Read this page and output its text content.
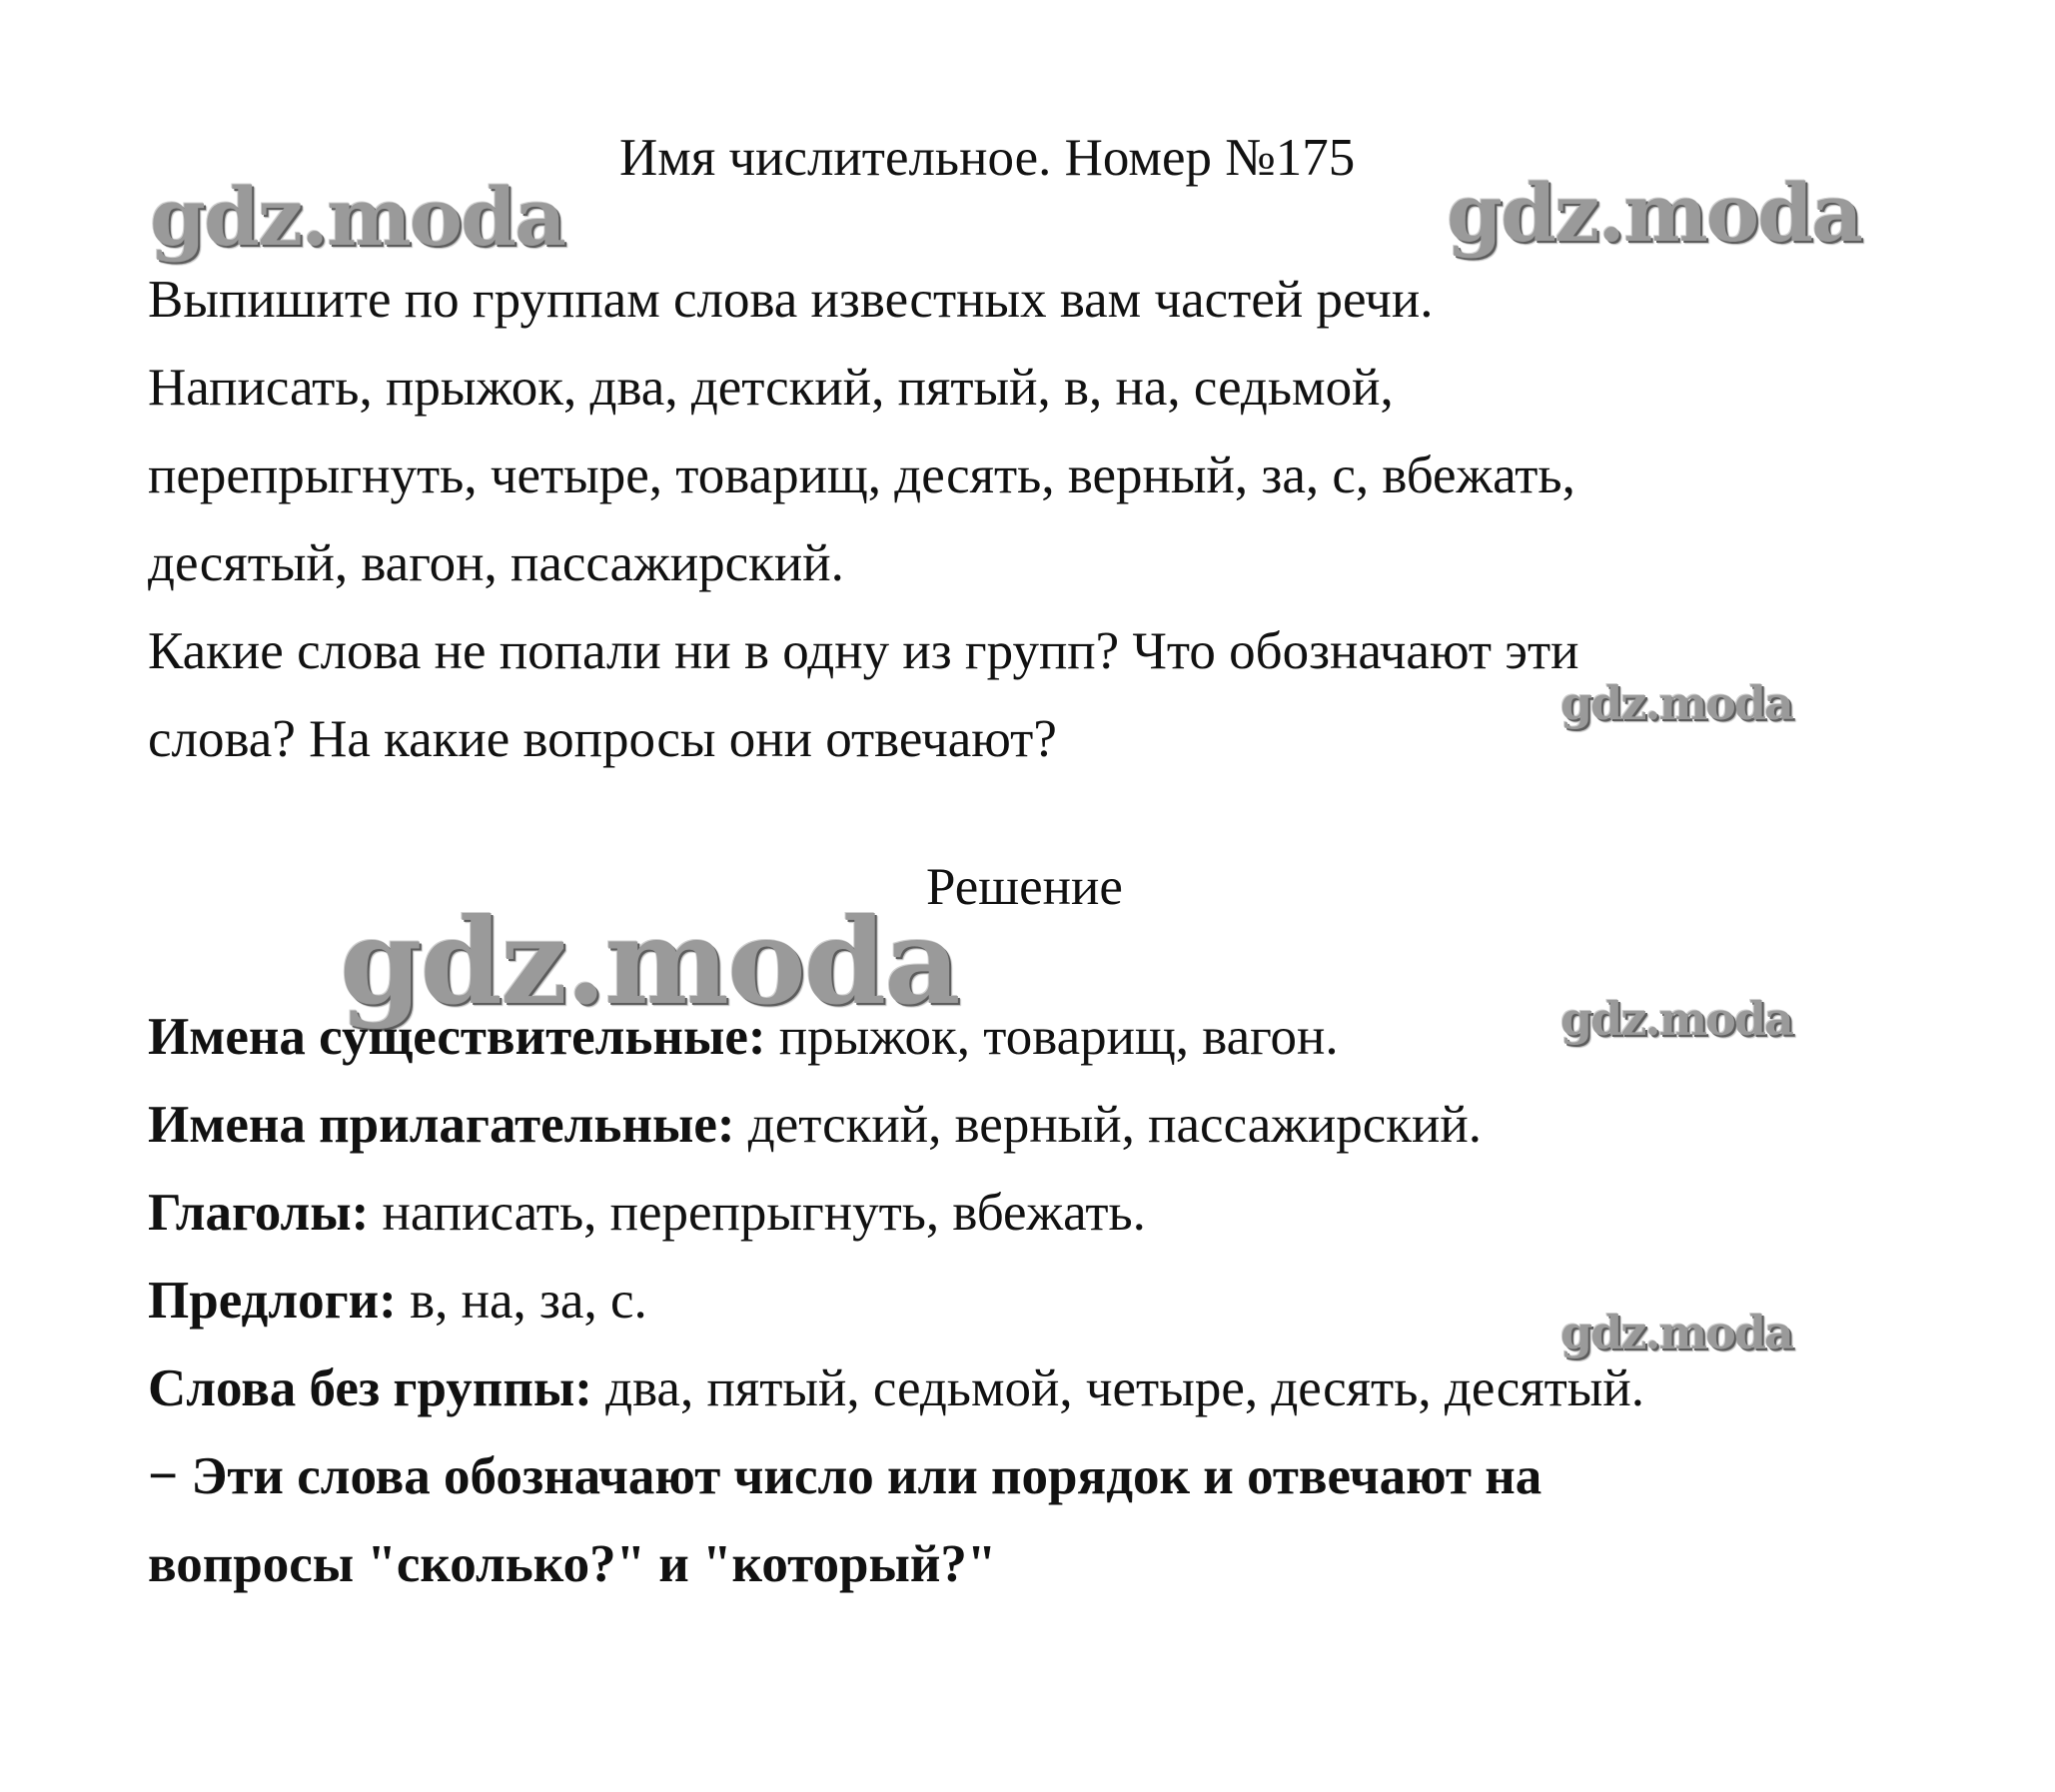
gdz.moda	gdz.moda
gdz.moda
gdz.moda	gdz.moda
gdz.moda
Имя числительное. Номер №175
Выпишите по группам слова известных вам частей речи.
Написать, прыжок, два, детский, пятый, в, на, седьмой,
перепрыгнуть, четыре, товарищ, десять, верный, за, с, вбежать,
десятый, вагон, пассажирский.
Какие слова не попали ни в одну из групп? Что обозначают эти
слова? На какие вопросы они отвечают?
Решение
Имена существительные: прыжок, товарищ, вагон.
Имена прилагательные: детский, верный, пассажирский.
Глаголы: написать, перепрыгнуть, вбежать.
Предлоги: в, на, за, с.
Слова без группы: два, пятый, седьмой, четыре, десять, десятый.
− Эти слова обозначают число или порядок и отвечают на
вопросы "сколько?" и "который?"
